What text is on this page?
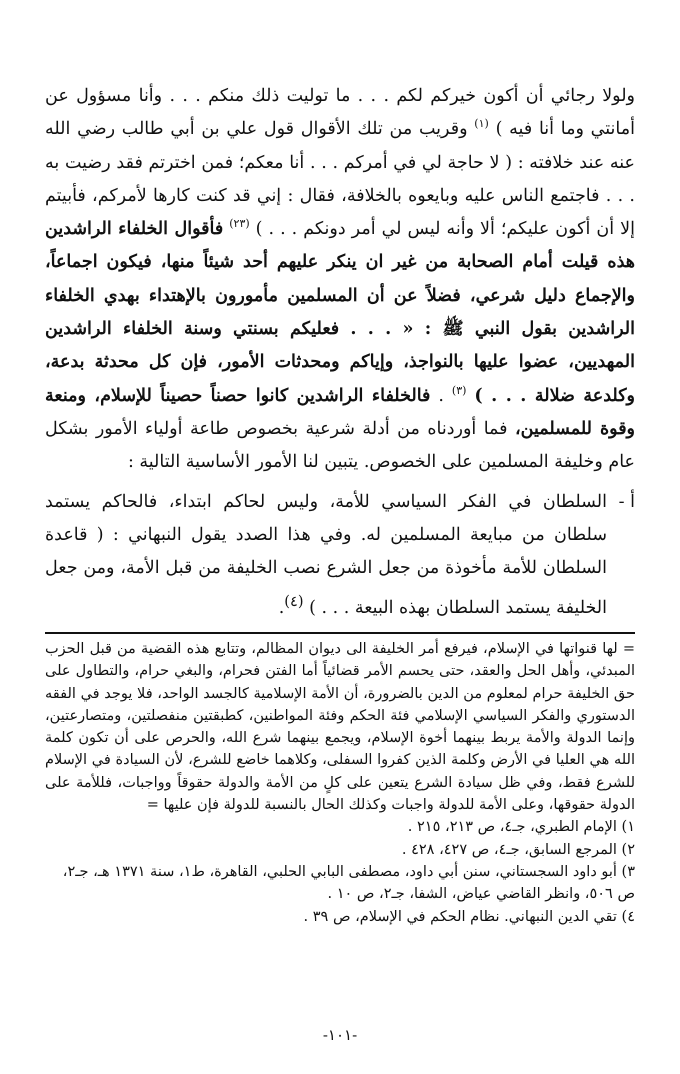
ولولا رجائي أن أكون خيركم لكم . . . ما توليت ذلك منكم . . . وأنا مسؤول عن أمانتي وما أنا فيه ) $^{(١)}$ وقريب من تلك الأقوال قول علي بن أبي طالب رضي الله عنه عند خلافته : ( لا حاجة لي في أمركم . . . أنا معكم؛ فمن اخترتم فقد رضيت به . . . فاجتمع الناس عليه وبايعوه بالخلافة، فقال : إني قد كنت كارها لأمركم، فأبيتم إلا أن أكون عليكم؛ ألا وأنه ليس لي أمر دونكم . . . ) $^{(٢٣)}$ فأقوال الخلفاء الراشدين هذه قيلت أمام الصحابة من غير ان ينكر عليهم أحد شيئاً منها، فيكون اجماعاً، والإجماع دليل شرعي، فضلاً عن أن المسلمين مأمورون بالإهتداء بهدي الخلفاء الراشدين بقول النبي ﷺ : « . . . فعليكم بسنتي وسنة الخلفاء الراشدين المهديين، عضوا عليها بالنواجذ، وإياكم ومحدثات الأمور، فإن كل محدثة بدعة، وكلدعة ضلالة . . . ) $^{(٣)}$ . فالخلفاء الراشدين كانوا حصناً حصيناً للإسلام، ومنعة وقوة للمسلمين، فما أوردناه من أدلة شرعية بخصوص طاعة أولياء الأمور بشكل عام وخليفة المسلمين على الخصوص. يتبين لنا الأمور الأساسية التالية :

أ -
السلطان في الفكر السياسي للأمة، وليس لحاكم ابتداء، فالحاكم يستمد سلطان من مبايعة المسلمين له. وفي هذا الصدد يقول النبهاني : ( قاعدة السلطان للأمة مأخوذة من جعل الشرع نصب الخليفة من قبل الأمة، ومن جعل الخليفة يستمد السلطان بهذه البيعة . . . ) $^{(٤)}$.

= لها قنواتها في الإسلام، فيرفع أمر الخليفة الى ديوان المظالم، وتتابع هذه القضية من قبل الحزب المبدئي، وأهل الحل والعقد، حتى يحسم الأمر قضائياً أما الفتن فحرام، والبغي حرام، والتطاول على حق الخليفة حرام لمعلوم من الدين بالضرورة، أن الأمة الإسلامية كالجسد الواحد، فلا يوجد في الفقه الدستوري والفكر السياسي الإسلامي فئة الحكم وفئة المواطنين، كطبقتين منفصلتين، ومتصارعتين، وإنما الدولة والأمة يربط بينهما أخوة الإسلام، ويجمع بينهما شرع الله، والحرص على أن تكون كلمة الله هي العليا في الأرض وكلمة الذين كفروا السفلى، وكلاهما خاضع للشرع، لأن السيادة في الإسلام للشرع فقط، وفي ظل سيادة الشرع يتعين على كلٍ من الأمة والدولة حقوقاً وواجبات، فللأمة على الدولة حقوقها، وعلى الأمة للدولة واجبات وكذلك الحال بالنسبة للدولة فإن عليها =

١) الإمام الطبري، جـ٤، ص ٢١٣، ٢١٥ .
٢) المرجع السابق، جـ٤، ص ٤٢٧، ٤٢٨ .
٣) أبو داود السجستاني، سنن أبي داود، مصطفى البابي الحلبي، القاهرة، ط١، سنة ١٣٧١ هـ، جـ٢، ص ٥٠٦، وانظر القاضي عياض، الشفا، جـ٢، ص ١٠ .
٤) تقي الدين النبهاني. نظام الحكم في الإسلام، ص ٣٩ .
-١٠١-
